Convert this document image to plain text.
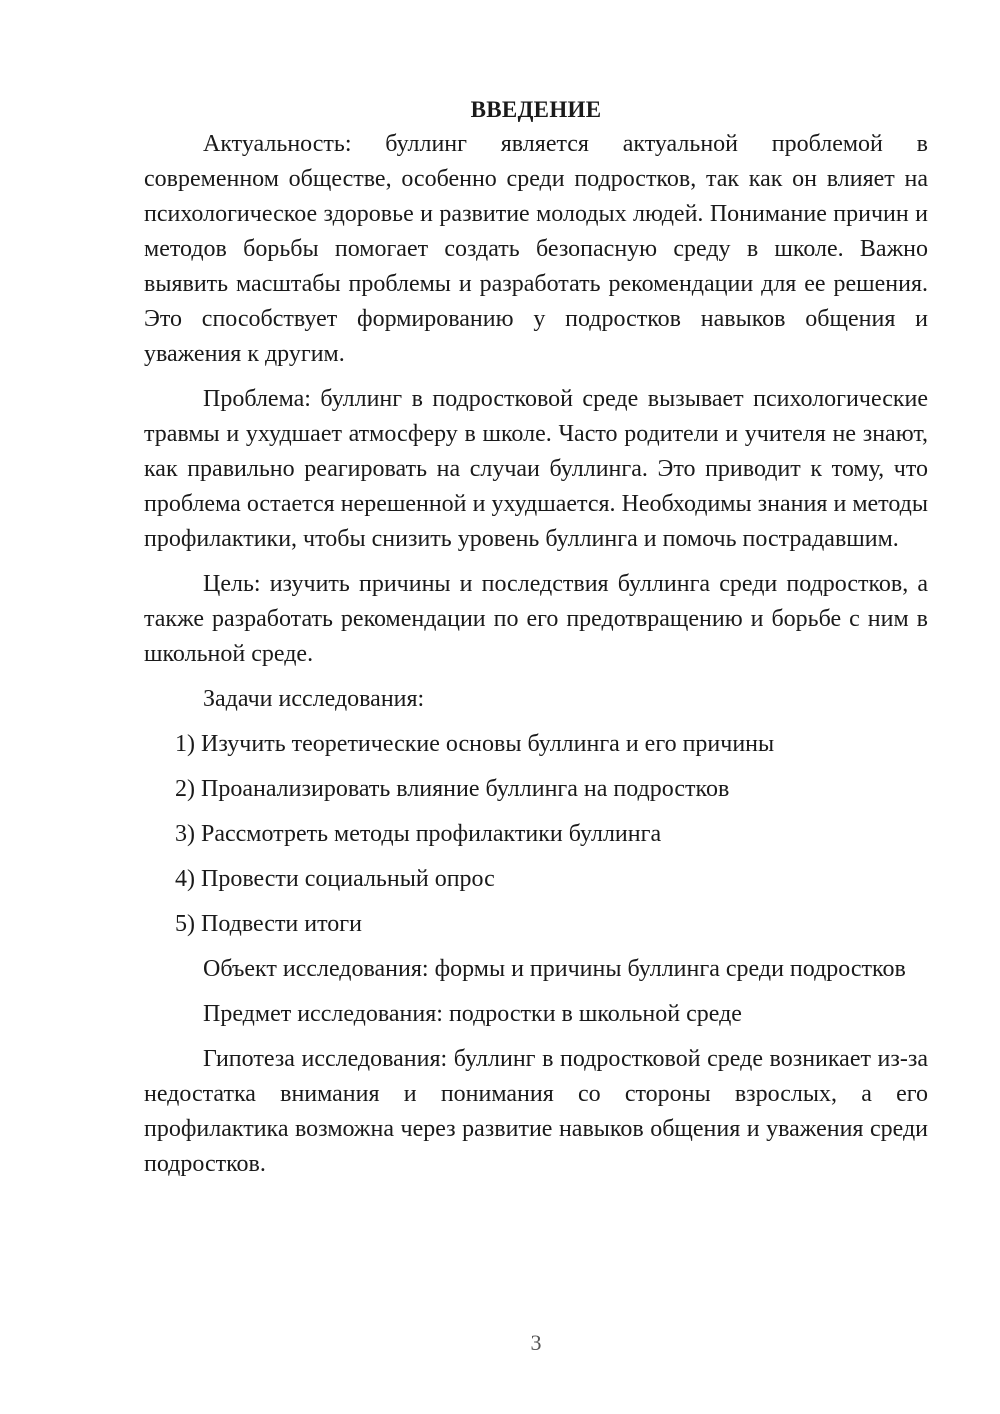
ВВЕДЕНИЕ

Актуальность: буллинг является актуальной проблемой в современном обществе, особенно среди подростков, так как он влияет на психологическое здоровье и развитие молодых людей. Понимание причин и методов борьбы помогает создать безопасную среду в школе. Важно выявить масштабы проблемы и разработать рекомендации для ее решения. Это способствует формированию у подростков навыков общения и уважения к другим.

Проблема: буллинг в подростковой среде вызывает психологические травмы и ухудшает атмосферу в школе. Часто родители и учителя не знают, как правильно реагировать на случаи буллинга. Это приводит к тому, что проблема остается нерешенной и ухудшается. Необходимы знания и методы профилактики, чтобы снизить уровень буллинга и помочь пострадавшим.

Цель: изучить причины и последствия буллинга среди подростков, а также разработать рекомендации по его предотвращению и борьбе с ним в школьной среде.

Задачи исследования:

1) Изучить теоретические основы буллинга и его причины
2) Проанализировать влияние буллинга на подростков
3) Рассмотреть методы профилактики буллинга
4) Провести социальный опрос
5) Подвести итоги

Объект исследования: формы и причины буллинга среди подростков

Предмет исследования: подростки в школьной среде

Гипотеза исследования: буллинг в подростковой среде возникает из-за недостатка внимания и понимания со стороны взрослых, а его профилактика возможна через развитие навыков общения и уважения среди подростков.

3
